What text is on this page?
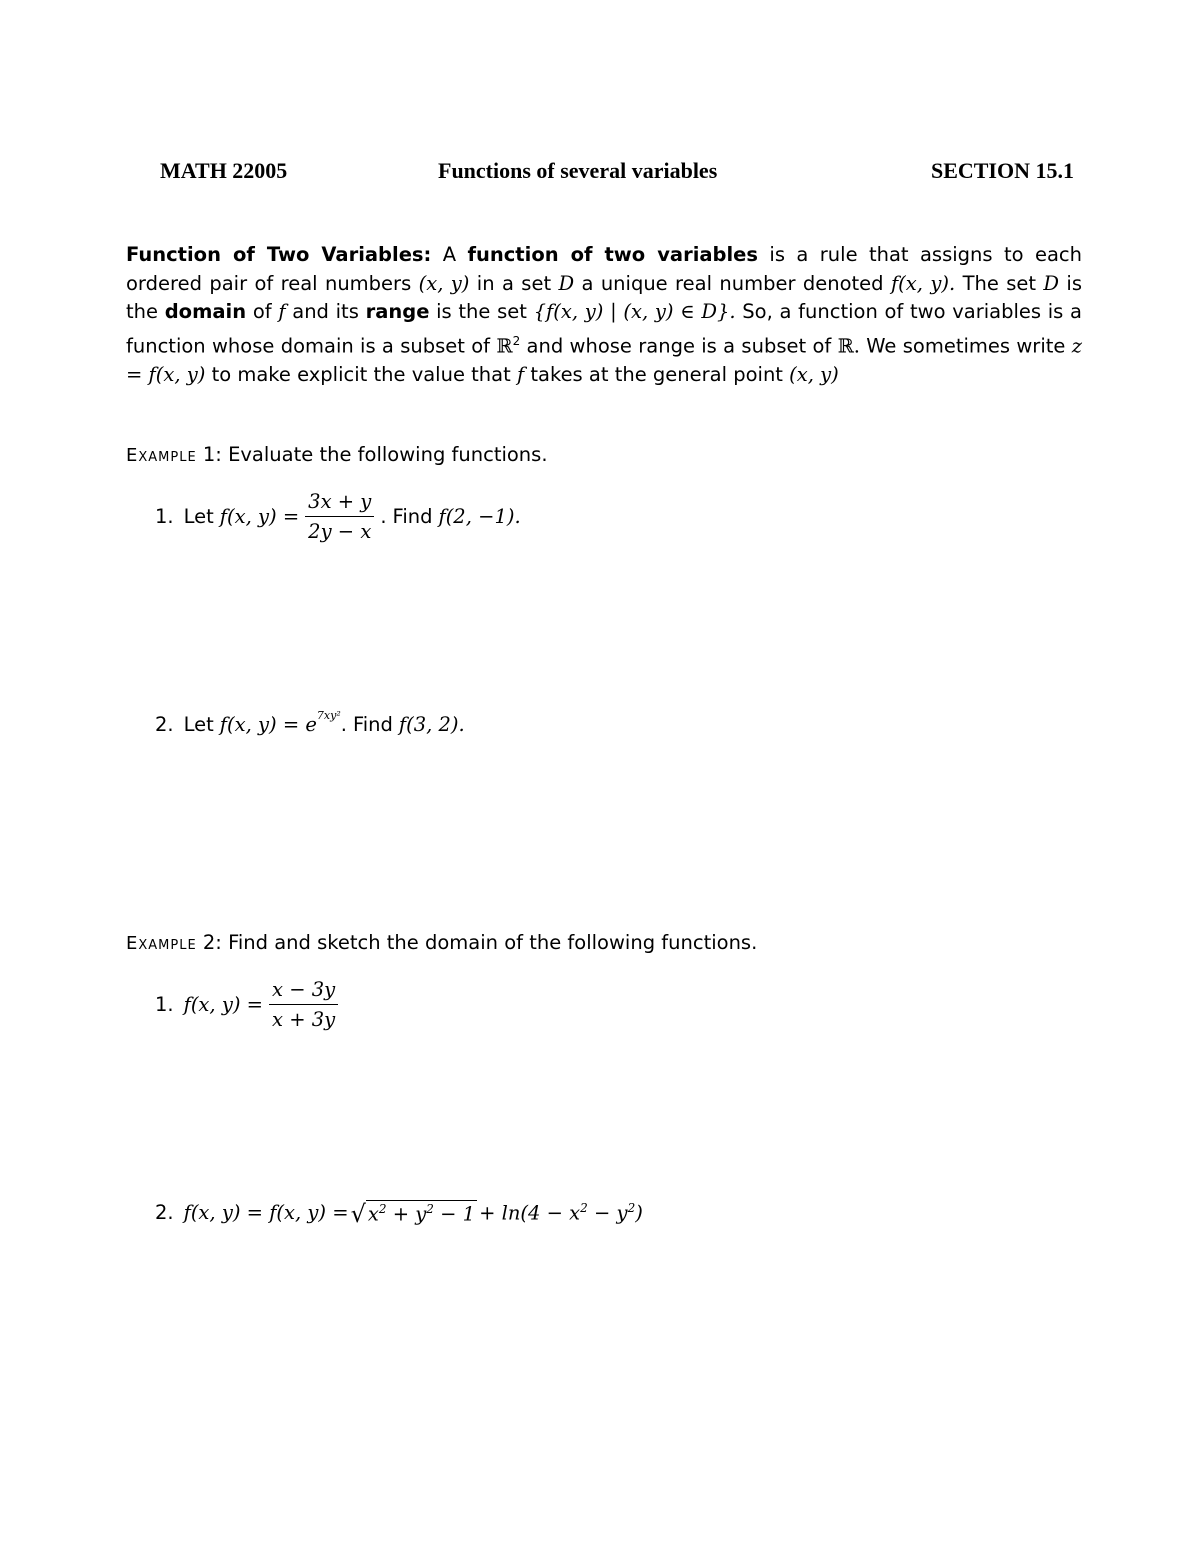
MATH 22005	Functions of several variables	SECTION 15.1

Function of Two Variables: A function of two variables is a rule that assigns to each ordered pair of real numbers (x, y) in a set D a unique real number denoted f(x, y). The set D is the domain of f and its range is the set {f(x, y) | (x, y) ∈ D}. So, a function of two variables is a function whose domain is a subset of ℝ$^2$ and whose range is a subset of ℝ. We sometimes write z = f(x, y) to make explicit the value that f takes at the general point (x, y)

Example 1: Evaluate the following functions.
1. Let f(x, $y) = \frac{3x + y}{2y - x}$ . Find f(2, −1).
2. Let f(x, $y) = e^{7xy^2}$ . Find f(3, 2).
Example 2: Find and sketch the domain of the following functions.
1. f(x, $y) = \frac{x - 3y}{x + 3y}$
2. f(x, y) = f(x, y) = √ $x^2 + y^2 - 1 + \ln(4 - x^2 - y^2)$
